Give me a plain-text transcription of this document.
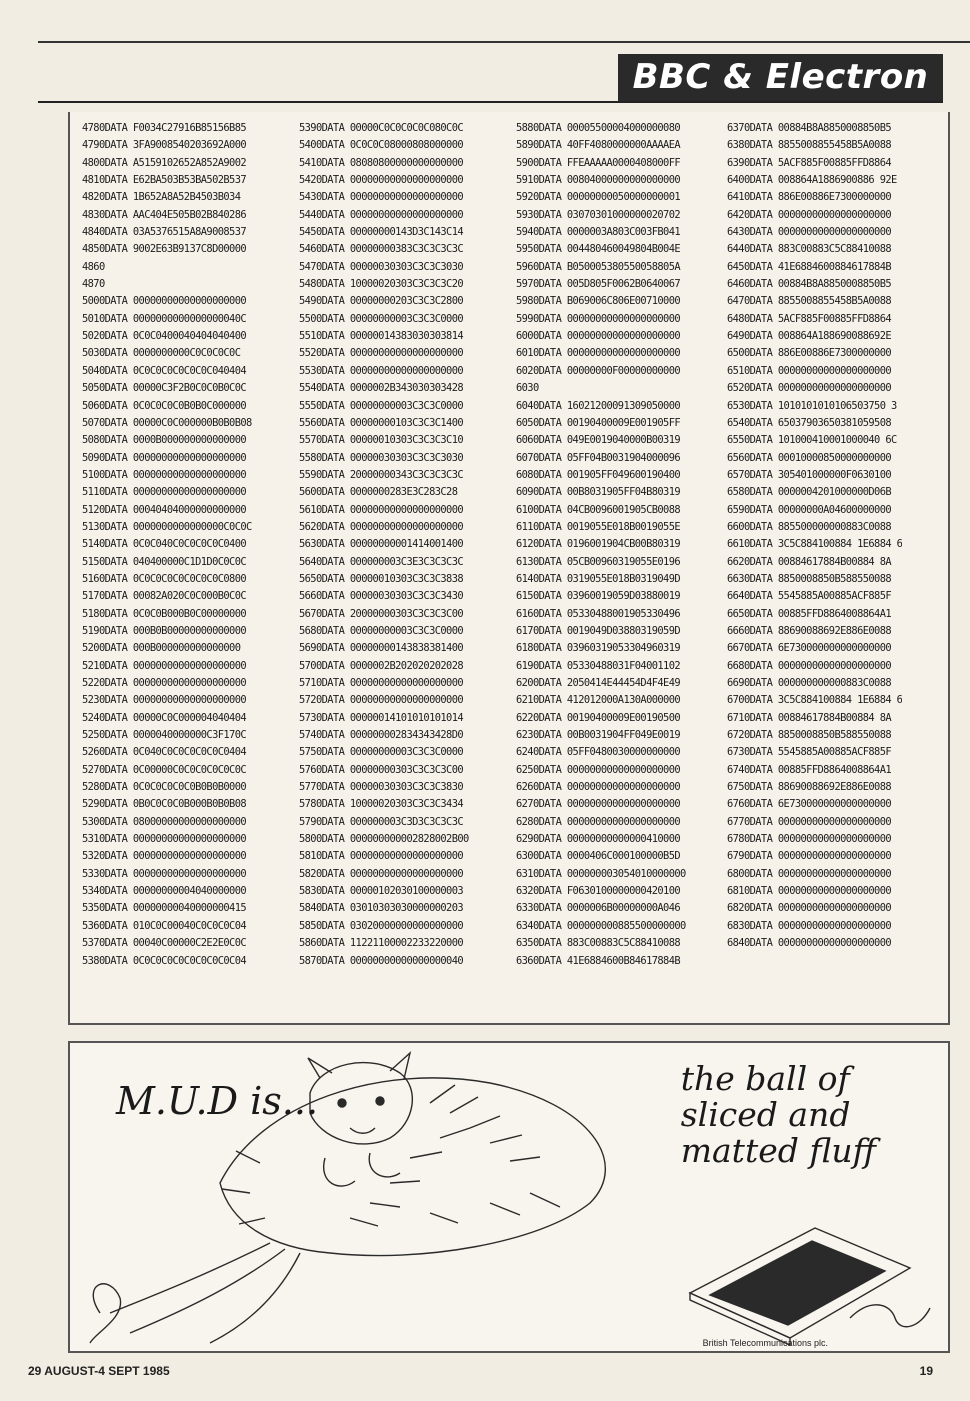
BBC & Electron
4780DATA F0034C27916B85156B85
4790DATA 3FA9008540203692A000
4800DATA A5159102652A852A9002
4810DATA E62BA503B53BA502B537
4820DATA 1B652A8A52B4503B034
4830DATA AAC404E505B02B840286
4840DATA 03A5376515A8A9008537
4850DATA 9002E63B9137C8D00000
4860
4870
5000DATA 00000000000000000000
5010DATA 0000000000000000040C
5020DATA 0C0C0400040404040400
5030DATA 0000000000C0C0C0C0C
5040DATA 0C0C0C0C0C0C0C040404
5050DATA 00000C3F2B0C0C0B0C0C
5060DATA 0C0C0C0C0B0B0C000000
5070DATA 00000C0C000000B0B0B08
5080DATA 0000B000000000000000
5090DATA 00000000000000000000
5100DATA 00000000000000000000
5110DATA 00000000000000000000
5120DATA 00040404000000000000
5130DATA 0000000000000000C0C0C
5140DATA 0C0C040C0C0C0C0C0400
5150DATA 040400000C1D1D0C0C0C
5160DATA 0C0C0C0C0C0C0C0C0800
5170DATA 00082A020C0C000B0C0C
5180DATA 0C0C0B000B0C00000000
5190DATA 000B0B00000000000000
5200DATA 000B000000000000000
5210DATA 00000000000000000000
5220DATA 00000000000000000000
5230DATA 00000000000000000000
5240DATA 00000C0C000004040404
5250DATA 0000040000000C3F170C
5260DATA 0C040C0C0C0C0C0C0404
5270DATA 0C00000C0C0C0C0C0C0C
5280DATA 0C0C0C0C0C0B0B0B0000
5290DATA 0B0C0C0C0B000B0B0B08
5300DATA 08000000000000000000
5310DATA 00000000000000000000
5320DATA 00000000000000000000
5330DATA 00000000000000000000
5340DATA 00000000004040000000
5350DATA 00000000040000000415
5360DATA 010C0C00040C0C0C0C04
5370DATA 00040C00000C2E2E0C0C
5380DATA 0C0C0C0C0C0C0C0C0C04
5390DATA 00000C0C0C0C0C080C0C
5400DATA 0C0C0C08000808000000
5410DATA 08080800000000000000
5420DATA 00000000000000000000
5430DATA 00000000000000000000
5440DATA 00000000000000000000
5450DATA 00000000143D3C143C14
5460DATA 00000000383C3C3C3C3C
5470DATA 00000030303C3C3C3030
5480DATA 10000020303C3C3C3C20
5490DATA 00000000203C3C3C2800
5500DATA 00000000003C3C3C0000
5510DATA 00000014383030303814
5520DATA 00000000000000000000
5530DATA 00000000000000000000
5540DATA 0000002B343030303428
5550DATA 00000000003C3C3C0000
5560DATA 00000000103C3C3C1400
5570DATA 00000010303C3C3C3C10
5580DATA 00000030303C3C3C3030
5590DATA 20000000343C3C3C3C3C
5600DATA 0000000283E3C283C28
5610DATA 00000000000000000000
5620DATA 00000000000000000000
5630DATA 00000000001414001400
5640DATA 000000003C3E3C3C3C3C
5650DATA 00000010303C3C3C3838
5660DATA 00000030303C3C3C3430
5670DATA 20000000303C3C3C3C00
5680DATA 00000000003C3C3C0000
5690DATA 00000000143838381400
5700DATA 0000002B202020202028
5710DATA 00000000000000000000
5720DATA 00000000000000000000
5730DATA 00000014101010101014
5740DATA 000000002834343428D0
5750DATA 00000000003C3C3C0000
5760DATA 00000000303C3C3C3C00
5770DATA 00000030303C3C3C3830
5780DATA 10000020303C3C3C3434
5790DATA 000000003C3D3C3C3C3C
5800DATA 000000000002828002B00
5810DATA 00000000000000000000
5820DATA 00000000000000000000
5830DATA 00000102030100000003
5840DATA 03010303030000000203
5850DATA 03020000000000000000
5860DATA 11221100002233220000
5870DATA 00000000000000000040
5880DATA 00005500004000000080
5890DATA 40FF4080000000AAAAEA
5900DATA FFEAAAAA0000408000FF
5910DATA 00804000000000000000
5920DATA 00000000050000000001
5930DATA 03070301000000020702
5940DATA 0000003A803C003FB041
5950DATA 004480460049804B004E
5960DATA B050005380550058805A
5970DATA 005D805F0062B0640067
5980DATA B069006C806E00710000
5990DATA 00000000000000000000
6000DATA 00000000000000000000
6010DATA 00000000000000000000
6020DATA 00000000F00000000000
6030
6040DATA 16021200091309050000
6050DATA 00190400009E001905FF
6060DATA 049E0019040000B00319
6070DATA 05FF04B0031904000096
6080DATA 001905FF049600190400
6090DATA 00B8031905FF04B80319
6100DATA 04CB0096001905CB0088
6110DATA 0019055E018B0019055E
6120DATA 0196001904CB00B80319
6130DATA 05CB00960319055E0196
6140DATA 0319055E018B0319049D
6150DATA 03960019059D03880019
6160DATA 05330488001905330496
6170DATA 0019049D03880319059D
6180DATA 03960319053304960319
6190DATA 05330488031F04001102
6200DATA 2050414E44454D4F4E49
6210DATA 412012000A130A000000
6220DATA 00190400009E00190500
6230DATA 00B0031904FF049E0019
6240DATA 05FF0480030000000000
6250DATA 00000000000000000000
6260DATA 00000000000000000000
6270DATA 00000000000000000000
6280DATA 00000000000000000000
6290DATA 00000000000000410000
6300DATA 0000406C000100000B5D
6310DATA 000000003054010000000
6320DATA F0630100000000420100
6330DATA 0000006B00000000A046
6340DATA 000000000885500000000
6350DATA 883C00883C5C88410088
6360DATA 41E6884600B84617884B
6370DATA 00884B8A8850008850B5
6380DATA 8855008855458B5A0088
6390DATA 5ACF885F00885FFD8864
6400DATA 008864A1886900886 92E
6410DATA 886E00886E7300000000
6420DATA 00000000000000000000
6430DATA 00000000000000000000
6440DATA 883C00883C5C88410088
6450DATA 41E6884600884617884B
6460DATA 00884B8A8850008850B5
6470DATA 8855008855458B5A0088
6480DATA 5ACF885F00885FFD8864
6490DATA 008864A188690088692E
6500DATA 886E00886E7300000000
6510DATA 00000000000000000000
6520DATA 00000000000000000000
6530DATA 1010101010106503750 3
6540DATA 65037903650381059508
6550DATA 101000410001000040 6C
6560DATA 00010000850000000000
6570DATA 305401000000F0630100
6580DATA 0000004201000000D06B
6590DATA 00000000A04600000000
6600DATA 885500000000883C0088
6610DATA 3C5C884100884 1E6884 6
6620DATA 00884617884B00884 8A
6630DATA 8850008850B588550088
6640DATA 5545885A00885ACF885F
6650DATA 00885FFD8864008864A1
6660DATA 88690088692E886E0088
6670DATA 6E730000000000000000
6680DATA 00000000000000000000
6690DATA 000000000000883C0088
6700DATA 3C5C884100884 1E6884 6
6710DATA 00884617884B00884 8A
6720DATA 8850008850B588550088
6730DATA 5545885A00885ACF885F
6740DATA 00885FFD8864008864A1
6750DATA 88690088692E886E0088
6760DATA 6E730000000000000000
6770DATA 00000000000000000000
6780DATA 00000000000000000000
6790DATA 00000000000000000000
6800DATA 00000000000000000000
6810DATA 00000000000000000000
6820DATA 00000000000000000000
6830DATA 00000000000000000000
6840DATA 00000000000000000000
M.U.D is...
the ball of
sliced and
matted fluff
British Telecommunications plc.
29 AUGUST-4 SEPT 1985	19
